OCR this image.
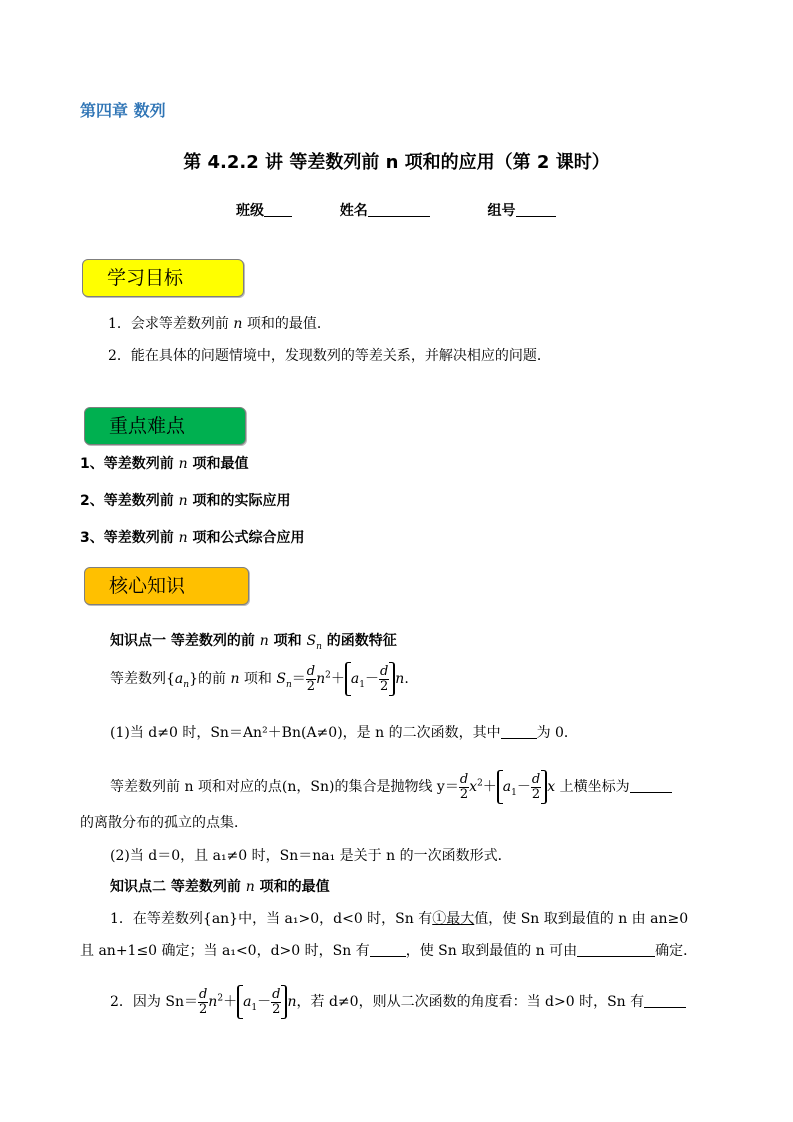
第四章 数列
第 4.2.2 讲 等差数列前 n 项和的应用（第 2 课时）
班级	姓名	组号
学习目标
1．会求等差数列前 n 项和的最值．
2．能在具体的问题情境中，发现数列的等差关系，并解决相应的问题．
重点难点
1、等差数列前 n 项和最值
2、等差数列前 n 项和的实际应用
3、等差数列前 n 项和公式综合应用
核心知识
知识点一 等差数列的前 n 项和 $S_n$ 的函数特征
等差数列$\{a_n\}$的前 n 项和 $S_n= \frac{d}{2} n^2+ a_1- \frac{d}{2} n$.
(1)当 d≠0 时，Sn＝An²＋Bn(A≠0)，是 n 的二次函数，其中	为 0．
等差数列前 n 项和对应的点(n，Sn)的集合是抛物线 $y= \frac{d}{2} x^2+ a_1- \frac{d}{2}$ x 上横坐标为
的离散分布的孤立的点集．
(2)当 d＝0，且 a₁≠0 时，Sn＝na₁ 是关于 n 的一次函数形式．
知识点二 等差数列前 n 项和的最值
1．在等差数列{an}中，当 a₁>0，d<0 时，Sn 有①最大值，使 Sn 取到最值的 n 由 an≥0
且 an+1≤0 确定；当 a₁<0，d>0 时，Sn 有	，使 Sn 取到最值的 n 可由	确定．
2．因为 $Sn= \frac{d}{2} n^2+ a_1- \frac{d}{2}$ n，若 d≠0，则从二次函数的角度看：当 d>0 时，Sn 有
